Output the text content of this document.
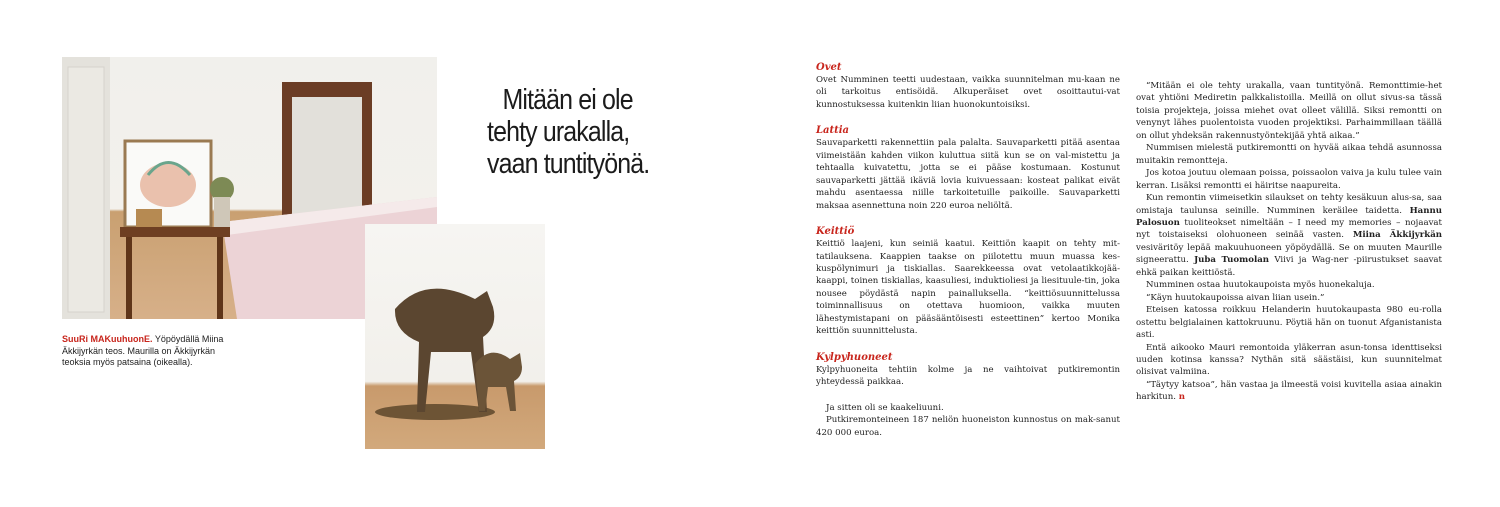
Mitään ei ole
tehty urakalla,
vaan tuntityönä.
SuuRi MAKuuhuonE. Yöpöydällä Miina Äkkijyrkän teos. Maurilla on Äkkijyrkän teoksia myös patsaina (oikealla).
Ovet

Ovet Numminen teetti uudestaan, vaikka suunnitelman mu-kaan ne oli tarkoitus entisöidä. Alkuperäiset ovet osoittautui-vat kunnostuksessa kuitenkin liian huonokuntoisiksi.

Lattia

Sauvaparketti rakennettiin pala palalta. Sauvaparketti pitää asentaa viimeistään kahden viikon kuluttua siitä kun se on val-mistettu ja tehtaalla kuivatettu, jotta se ei pääse kostumaan. Kostunut sauvaparketti jättää ikäviä lovia kuivuessaan: kosteat palikat eivät mahdu asentaessa niille tarkoitetuille paikoille. Sauvaparketti maksaa asennettuna noin 220 euroa neliöltä.

Keittiö

Keittiö laajeni, kun seiniä kaatui. Keittiön kaapit on tehty mit-tatilauksena. Kaappien taakse on piilotettu muun muassa kes-kuspölynimuri ja tiskiallas. Saarekkeessa ovat vetolaatikkojää-kaappi, toinen tiskiallas, kaasuliesi, induktioliesi ja liesituule-tin, joka nousee pöydästä napin painalluksella. “keittiösuunnittelussa toiminnallisuus on otettava huomioon, vaikka muuten lähestymistapani on pääsääntöisesti esteettinen” kertoo Monika keittiön suunnittelusta.

Kylpyhuoneet

Kylpyhuoneita tehtiin kolme ja ne vaihtoivat putkiremontin yhteydessä paikkaa.

Ja sitten oli se kaakeliuuni.

Putkiremonteineen 187 neliön huoneiston kunnostus on mak-sanut 420 000 euroa.

“Mitään ei ole tehty urakalla, vaan tuntityönä. Remonttimie-het ovat yhtiöni Mediretin palkkalistoilla. Meillä on ollut sivus-sa tässä toisia projekteja, joissa miehet ovat olleet välillä. Siksi remontti on venynyt lähes puolentoista vuoden projektiksi. Parhaimmillaan täällä on ollut yhdeksän rakennustyöntekijää yhtä aikaa.”

Nummisen mielestä putkiremontti on hyvää aikaa tehdä asunnossa muitakin remontteja.

Jos kotoa joutuu olemaan poissa, poissaolon vaiva ja kulu tulee vain kerran. Lisäksi remontti ei häiritse naapureita.

Kun remontin viimeisetkin silaukset on tehty kesäkuun alus-sa, saa omistaja taulunsa seinille. Numminen keräilee taidetta. Hannu Palosuon tuoliteokset nimeltään – I need my memories – nojaavat nyt toistaiseksi olohuoneen seinää vasten. Miina Äkkijyrkän vesiväritöy lepää makuuhuoneen yöpöydällä. Se on muuten Maurille signeerattu. Juba Tuomolan Viivi ja Wag-ner -piirustukset saavat ehkä paikan keittiöstä.

Numminen ostaa huutokaupoista myös huonekaluja.

“Käyn huutokaupoissa aivan liian usein.”

Eteisen katossa roikkuu Helanderin huutokaupasta 980 eu-rolla ostettu belgialainen kattokruunu. Pöytiä hän on tuonut Afganistanista asti.

Entä aikooko Mauri remontoida yläkerran asun-tonsa identtiseksi uuden kotinsa kanssa? Nythän sitä säästäisi, kun suunnitelmat olisivat valmiina.

“Täytyy katsoa”, hän vastaa ja ilmeestä voisi kuvitella asiaa ainakin harkitun. n
